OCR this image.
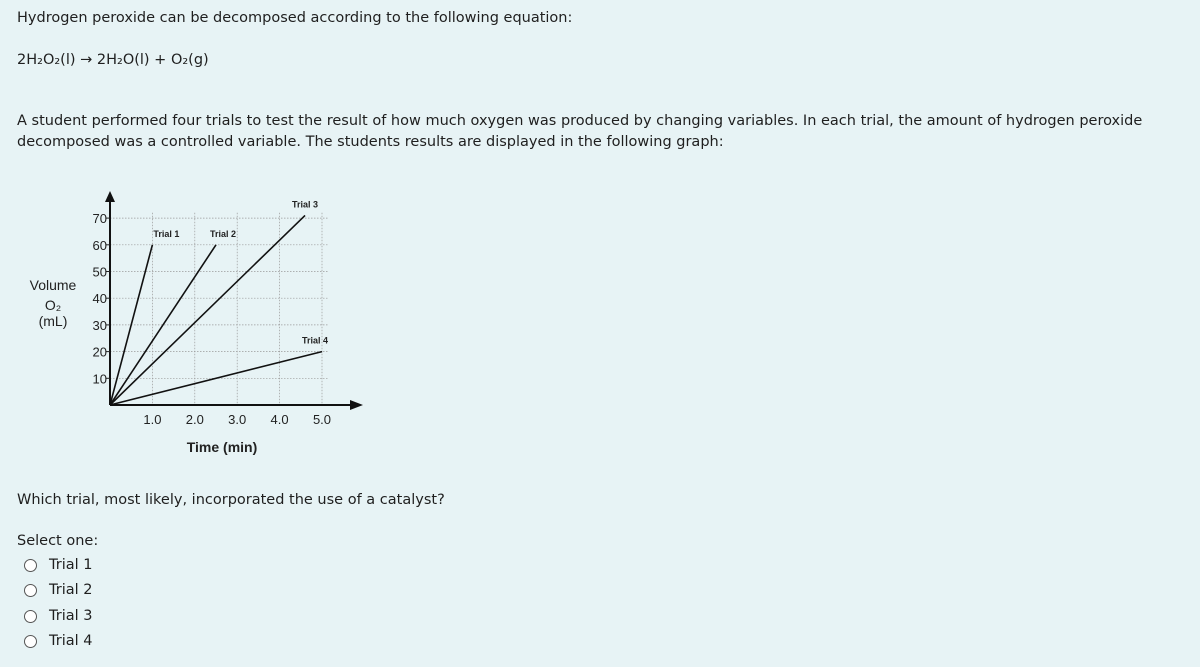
Hydrogen peroxide can be decomposed according to the following equation:
2H₂O₂(l) → 2H₂O(l) + O₂(g)
A student performed four trials to test the result of how much oxygen was produced by changing variables. In each trial, the amount of hydrogen peroxide decomposed was a controlled variable. The students results are displayed in the following graph:
10
20
30
40
50
60
70
1.0 2.0 3.0 4.0 5.0
Trial 1	Trial 2
Trial 3
Trial 4
Time (min)
Volume
O₂
(mL)
Which trial, most likely, incorporated the use of a catalyst?
Select one:
Trial 1
Trial 2
Trial 3
Trial 4
